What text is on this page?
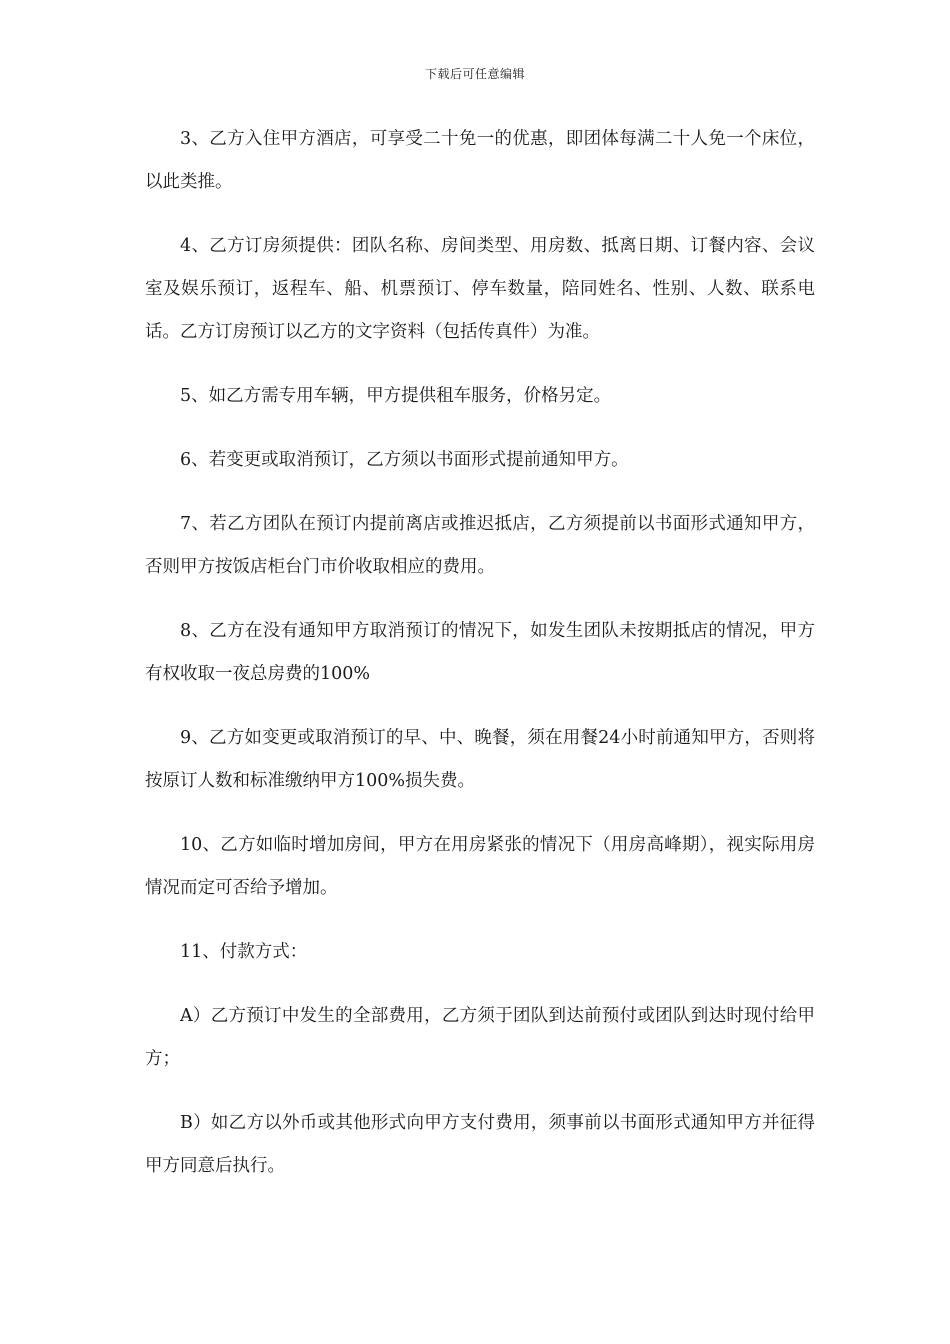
下载后可任意编辑

3、乙方入住甲方酒店，可享受二十免一的优惠，即团体每满二十人免一个床位，以此类推。

4、乙方订房须提供：团队名称、房间类型、用房数、抵离日期、订餐内容、会议室及娱乐预订，返程车、船、机票预订、停车数量，陪同姓名、性别、人数、联系电话。乙方订房预订以乙方的文字资料（包括传真件）为准。

5、如乙方需专用车辆，甲方提供租车服务，价格另定。

6、若变更或取消预订，乙方须以书面形式提前通知甲方。

7、若乙方团队在预订内提前离店或推迟抵店，乙方须提前以书面形式通知甲方，否则甲方按饭店柜台门市价收取相应的费用。

8、乙方在没有通知甲方取消预订的情况下，如发生团队未按期抵店的情况，甲方有权收取一夜总房费的100%

9、乙方如变更或取消预订的早、中、晚餐，须在用餐24小时前通知甲方，否则将按原订人数和标准缴纳甲方100%损失费。

10、乙方如临时增加房间，甲方在用房紧张的情况下（用房高峰期），视实际用房情况而定可否给予增加。

11、付款方式：

A）乙方预订中发生的全部费用，乙方须于团队到达前预付或团队到达时现付给甲方；

B）如乙方以外币或其他形式向甲方支付费用，须事前以书面形式通知甲方并征得甲方同意后执行。
